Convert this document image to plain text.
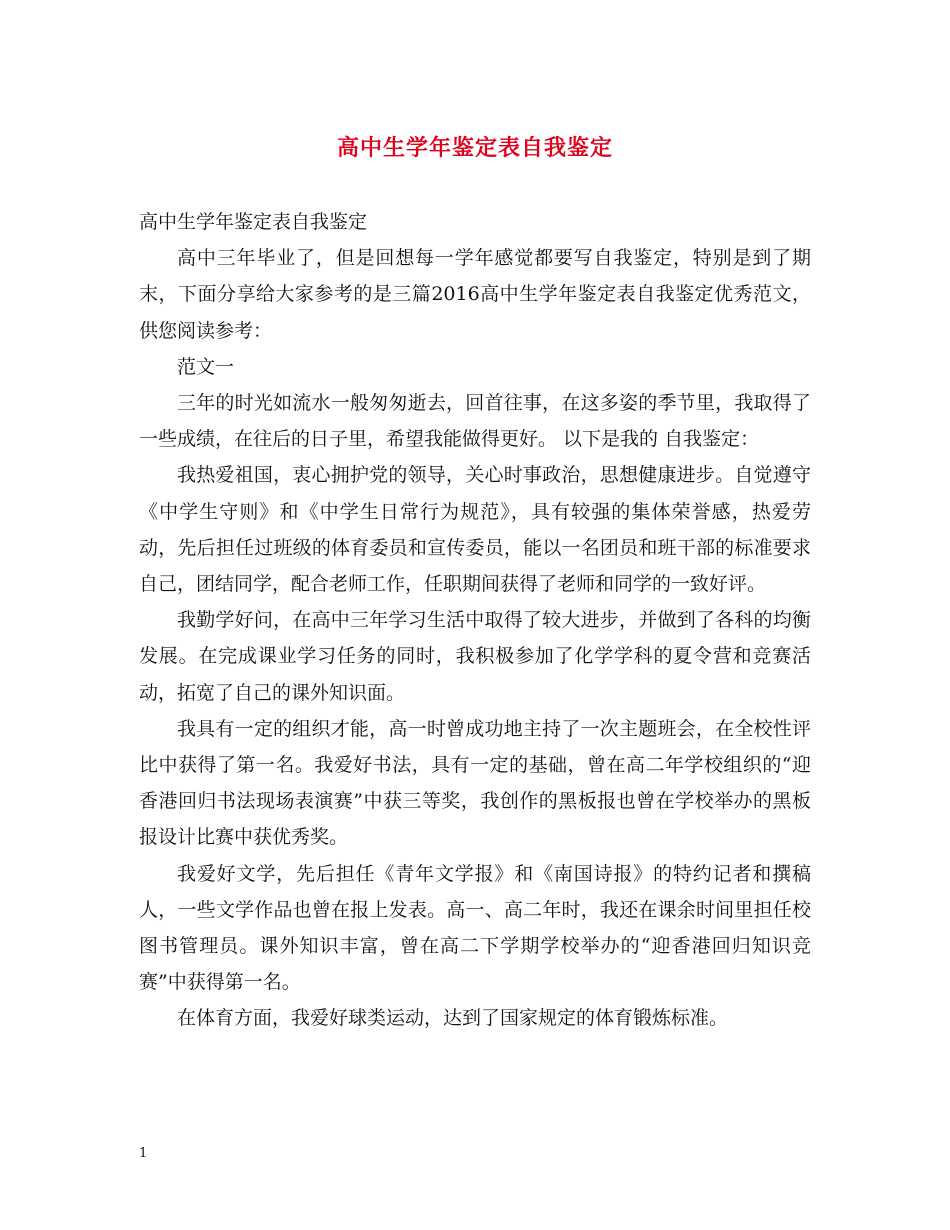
高中生学年鉴定表自我鉴定

高中生学年鉴定表自我鉴定

高中三年毕业了，但是回想每一学年感觉都要写自我鉴定，特别是到了期末，下面分享给大家参考的是三篇2016高中生学年鉴定表自我鉴定优秀范文，供您阅读参考：

范文一

三年的时光如流水一般匆匆逝去，回首往事，在这多姿的季节里，我取得了一些成绩，在往后的日子里，希望我能做得更好。 以下是我的 自我鉴定：

我热爱祖国，衷心拥护党的领导，关心时事政治，思想健康进步。自觉遵守《中学生守则》和《中学生日常行为规范》，具有较强的集体荣誉感，热爱劳动，先后担任过班级的体育委员和宣传委员，能以一名团员和班干部的标准要求自己，团结同学，配合老师工作，任职期间获得了老师和同学的一致好评。

我勤学好问，在高中三年学习生活中取得了较大进步，并做到了各科的均衡发展。在完成课业学习任务的同时，我积极参加了化学学科的夏令营和竞赛活动，拓宽了自己的课外知识面。

我具有一定的组织才能，高一时曾成功地主持了一次主题班会，在全校性评比中获得了第一名。我爱好书法，具有一定的基础，曾在高二年学校组织的“迎香港回归书法现场表演赛”中获三等奖，我创作的黑板报也曾在学校举办的黑板报设计比赛中获优秀奖。

我爱好文学，先后担任《青年文学报》和《南国诗报》的特约记者和撰稿人，一些文学作品也曾在报上发表。高一、高二年时，我还在课余时间里担任校图书管理员。课外知识丰富，曾在高二下学期学校举办的“迎香港回归知识竞赛”中获得第一名。

在体育方面，我爱好球类运动，达到了国家规定的体育锻炼标准。

1
